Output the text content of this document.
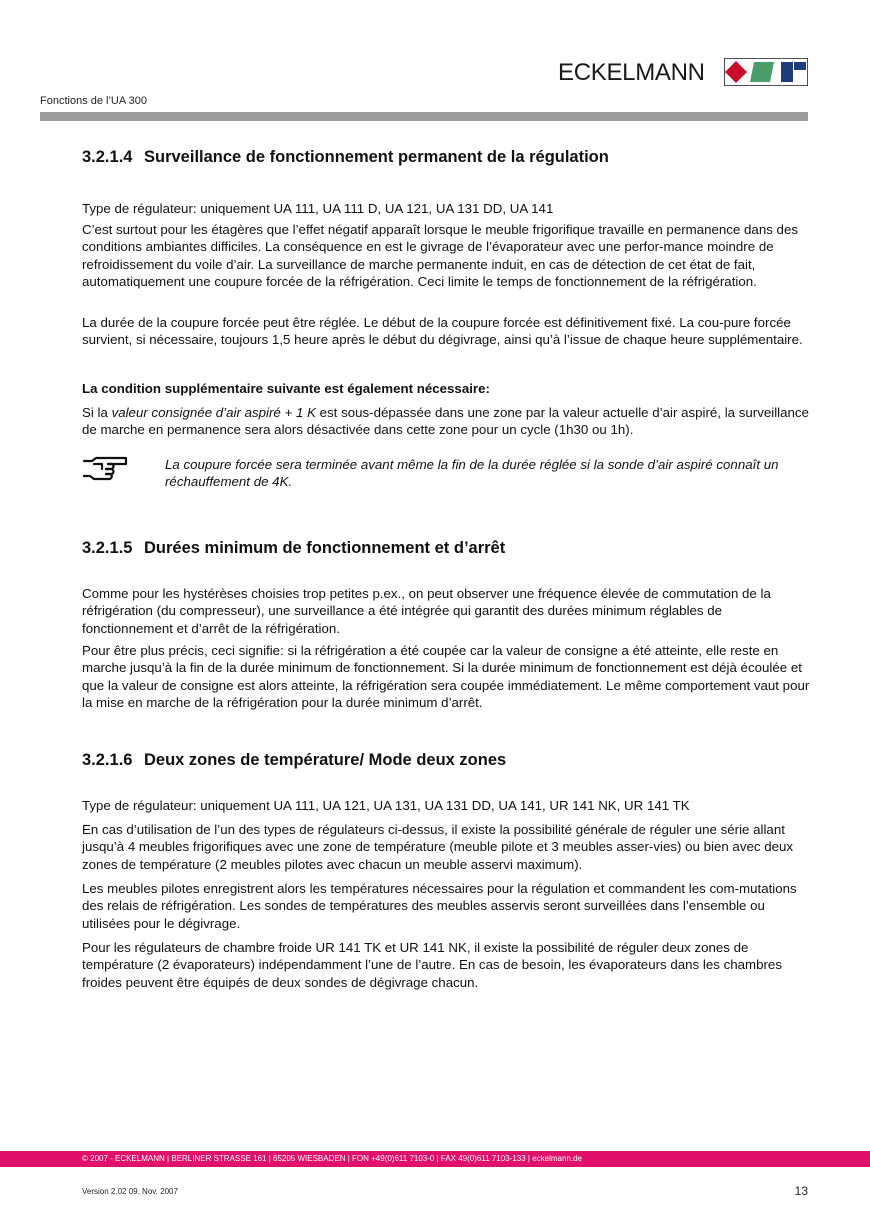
ECKELMANN
Fonctions de l’UA 300
3.2.1.4 Surveillance de fonctionnement permanent de la régulation

Type de régulateur: uniquement UA 111, UA 111 D, UA 121, UA 131 DD, UA 141

C’est surtout pour les étagères que l’effet négatif apparaît lorsque le meuble frigorifique travaille en permanence dans des conditions ambiantes difficiles. La conséquence en est le givrage de l’évaporateur avec une perfor-mance moindre de refroidissement du voile d’air. La surveillance de marche permanente induit, en cas de détection de cet état de fait, automatiquement une coupure forcée de la réfrigération. Ceci limite le temps de fonctionnement de la réfrigération.

La durée de la coupure forcée peut être réglée. Le début de la coupure forcée est définitivement fixé. La cou-pure forcée survient, si nécessaire, toujours 1,5 heure après le début du dégivrage, ainsi qu’à l’issue de chaque heure supplémentaire.

La condition supplémentaire suivante est également nécessaire:

Si la valeur consignée d’air aspiré + 1 K est sous-dépassée dans une zone par la valeur actuelle d’air aspiré, la surveillance de marche en permanence sera alors désactivée dans cette zone pour un cycle (1h30 ou 1h).

La coupure forcée sera terminée avant même la fin de la durée réglée si la sonde d’air aspiré connaît un réchauffement de 4K.

3.2.1.5 Durées minimum de fonctionnement et d’arrêt

Comme pour les hystérèses choisies trop petites p.ex., on peut observer une fréquence élevée de commutation de la réfrigération (du compresseur), une surveillance a été intégrée qui garantit des durées minimum réglables de fonctionnement et d’arrêt de la réfrigération.

Pour être plus précis, ceci signifie: si la réfrigération a été coupée car la valeur de consigne a été atteinte, elle reste en marche jusqu’à la fin de la durée minimum de fonctionnement. Si la durée minimum de fonctionnement est déjà écoulée et que la valeur de consigne est alors atteinte, la réfrigération sera coupée immédiatement. Le même comportement vaut pour la mise en marche de la réfrigération pour la durée minimum d’arrêt.

3.2.1.6 Deux zones de température/ Mode deux zones

Type de régulateur: uniquement UA 111, UA 121, UA 131, UA 131 DD, UA 141, UR 141 NK, UR 141 TK

En cas d’utilisation de l’un des types de régulateurs ci-dessus, il existe la possibilité générale de réguler une série allant jusqu’à 4 meubles frigorifiques avec une zone de température (meuble pilote et 3 meubles asser-vies) ou bien avec deux zones de température (2 meubles pilotes avec chacun un meuble asservi maximum).

Les meubles pilotes enregistrent alors les températures nécessaires pour la régulation et commandent les com-mutations des relais de réfrigération. Les sondes de températures des meubles asservis seront surveillées dans l’ensemble ou utilisées pour le dégivrage.

Pour les régulateurs de chambre froide UR 141 TK et UR 141 NK, il existe la possibilité de réguler deux zones de température (2 évaporateurs) indépendamment l’une de l’autre. En cas de besoin, les évaporateurs dans les chambres froides peuvent être équipés de deux sondes de dégivrage chacun.

© 2007 - ECKELMANN | BERLINER STRASSE 161 | 65205 WIESBADEN | FON +49(0)611 7103-0 | FAX 49(0)611 7103-133 | eckelmann.de
Version 2.02 09. Nov. 2007	13
